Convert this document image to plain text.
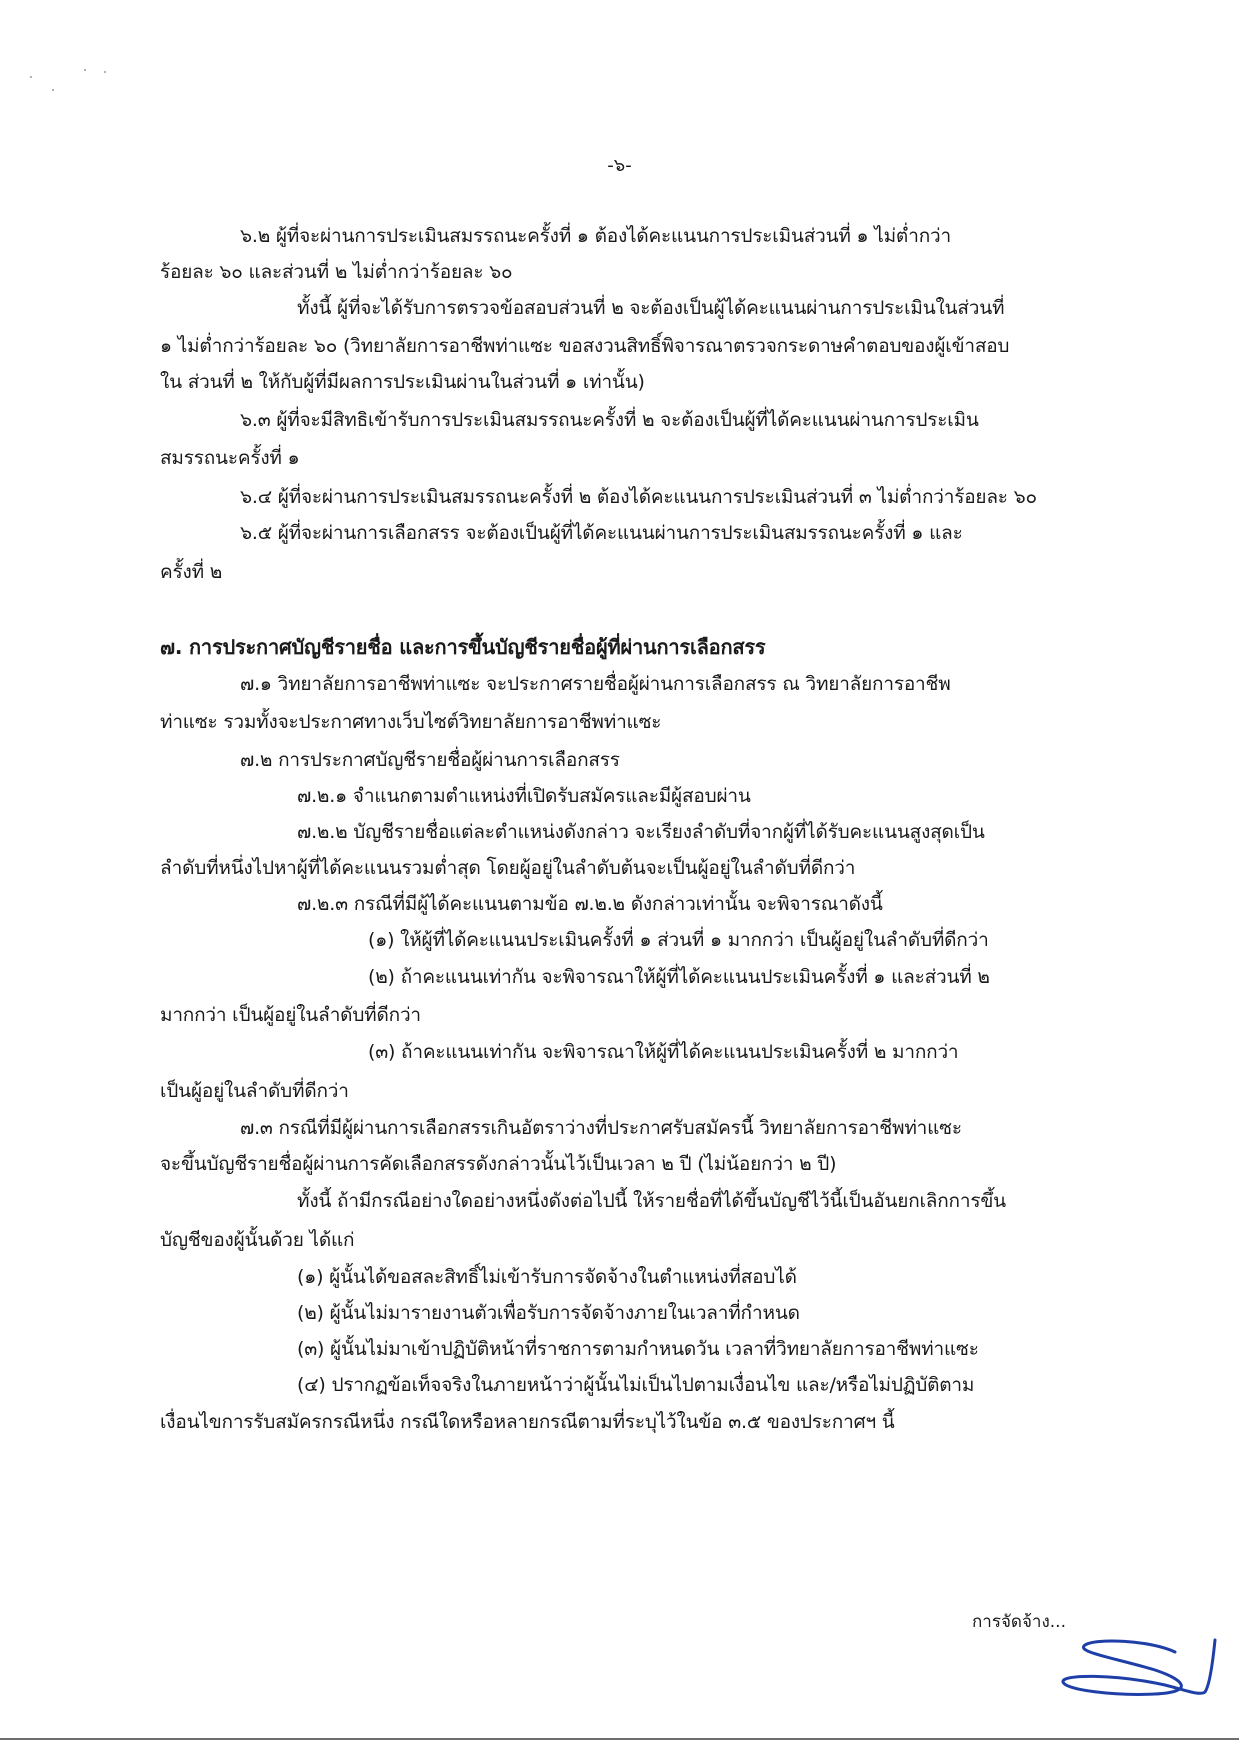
-๖-
๖.๒ ผู้ที่จะผ่านการประเมินสมรรถนะครั้งที่ ๑ ต้องได้คะแนนการประเมินส่วนที่ ๑ ไม่ต่ำกว่า
ร้อยละ ๖๐ และส่วนที่ ๒ ไม่ต่ำกว่าร้อยละ ๖๐
ทั้งนี้ ผู้ที่จะได้รับการตรวจข้อสอบส่วนที่ ๒ จะต้องเป็นผู้ได้คะแนนผ่านการประเมินในส่วนที่
๑ ไม่ต่ำกว่าร้อยละ ๖๐ (วิทยาลัยการอาชีพท่าแซะ ขอสงวนสิทธิ์พิจารณาตรวจกระดาษคำตอบของผู้เข้าสอบ
ใน ส่วนที่ ๒ ให้กับผู้ที่มีผลการประเมินผ่านในส่วนที่ ๑ เท่านั้น)
๖.๓ ผู้ที่จะมีสิทธิเข้ารับการประเมินสมรรถนะครั้งที่ ๒ จะต้องเป็นผู้ที่ได้คะแนนผ่านการประเมิน
สมรรถนะครั้งที่ ๑
๖.๔ ผู้ที่จะผ่านการประเมินสมรรถนะครั้งที่ ๒ ต้องได้คะแนนการประเมินส่วนที่ ๓ ไม่ต่ำกว่าร้อยละ ๖๐
๖.๕ ผู้ที่จะผ่านการเลือกสรร จะต้องเป็นผู้ที่ได้คะแนนผ่านการประเมินสมรรถนะครั้งที่ ๑ และ
ครั้งที่ ๒
๗. การประกาศบัญชีรายชื่อ และการขึ้นบัญชีรายชื่อผู้ที่ผ่านการเลือกสรร
๗.๑ วิทยาลัยการอาชีพท่าแซะ จะประกาศรายชื่อผู้ผ่านการเลือกสรร ณ วิทยาลัยการอาชีพ
ท่าแซะ รวมทั้งจะประกาศทางเว็บไซต์วิทยาลัยการอาชีพท่าแซะ
๗.๒ การประกาศบัญชีรายชื่อผู้ผ่านการเลือกสรร
๗.๒.๑ จำแนกตามตำแหน่งที่เปิดรับสมัครและมีผู้สอบผ่าน
๗.๒.๒ บัญชีรายชื่อแต่ละตำแหน่งดังกล่าว จะเรียงลำดับที่จากผู้ที่ได้รับคะแนนสูงสุดเป็น
ลำดับที่หนึ่งไปหาผู้ที่ได้คะแนนรวมต่ำสุด โดยผู้อยู่ในลำดับต้นจะเป็นผู้อยู่ในลำดับที่ดีกว่า
๗.๒.๓ กรณีที่มีผู้ได้คะแนนตามข้อ ๗.๒.๒ ดังกล่าวเท่านั้น จะพิจารณาดังนี้
(๑) ให้ผู้ที่ได้คะแนนประเมินครั้งที่ ๑ ส่วนที่ ๑ มากกว่า เป็นผู้อยู่ในลำดับที่ดีกว่า
(๒) ถ้าคะแนนเท่ากัน จะพิจารณาให้ผู้ที่ได้คะแนนประเมินครั้งที่ ๑ และส่วนที่ ๒
มากกว่า เป็นผู้อยู่ในลำดับที่ดีกว่า
(๓) ถ้าคะแนนเท่ากัน จะพิจารณาให้ผู้ที่ได้คะแนนประเมินครั้งที่ ๒ มากกว่า
เป็นผู้อยู่ในลำดับที่ดีกว่า
๗.๓ กรณีที่มีผู้ผ่านการเลือกสรรเกินอัตราว่างที่ประกาศรับสมัครนี้ วิทยาลัยการอาชีพท่าแซะ
จะขึ้นบัญชีรายชื่อผู้ผ่านการคัดเลือกสรรดังกล่าวนั้นไว้เป็นเวลา ๒ ปี (ไม่น้อยกว่า ๒ ปี)
ทั้งนี้ ถ้ามีกรณีอย่างใดอย่างหนึ่งดังต่อไปนี้ ให้รายชื่อที่ได้ขึ้นบัญชีไว้นี้เป็นอันยกเลิกการขึ้น
บัญชีของผู้นั้นด้วย ได้แก่
(๑) ผู้นั้นได้ขอสละสิทธิ์ไม่เข้ารับการจัดจ้างในตำแหน่งที่สอบได้
(๒) ผู้นั้นไม่มารายงานตัวเพื่อรับการจัดจ้างภายในเวลาที่กำหนด
(๓) ผู้นั้นไม่มาเข้าปฏิบัติหน้าที่ราชการตามกำหนดวัน เวลาที่วิทยาลัยการอาชีพท่าแซะ
(๔) ปรากฏข้อเท็จจริงในภายหน้าว่าผู้นั้นไม่เป็นไปตามเงื่อนไข และ/หรือไม่ปฏิบัติตาม
เงื่อนไขการรับสมัครกรณีหนึ่ง กรณีใดหรือหลายกรณีตามที่ระบุไว้ในข้อ ๓.๕ ของประกาศฯ นี้
การจัดจ้าง...
